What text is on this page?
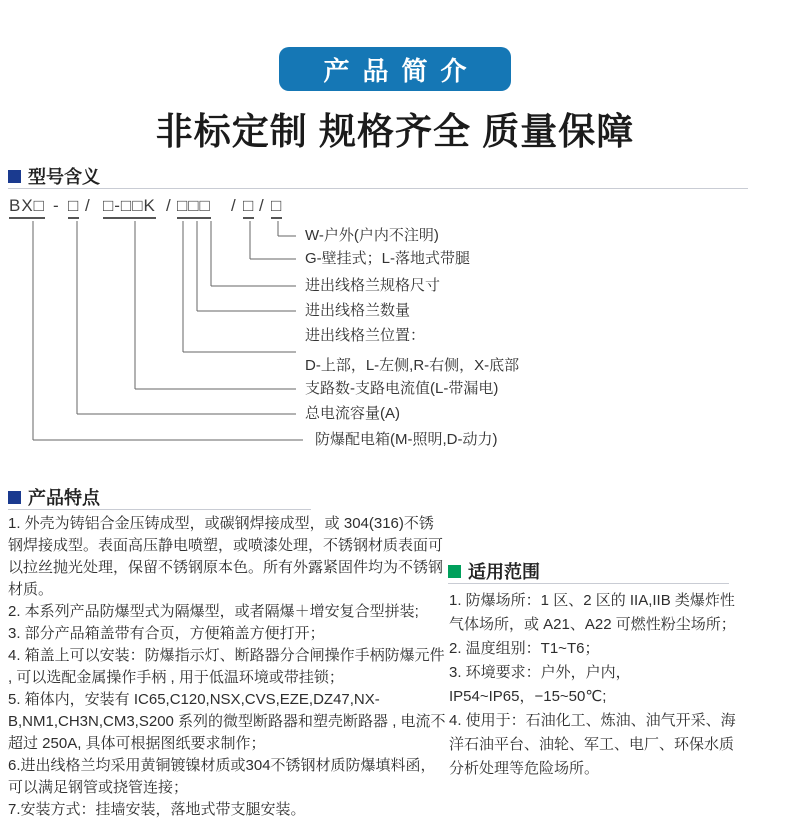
产品简介
非标定制 规格齐全 质量保障
型号含义
BX□ - □ / □-□□K / □□□ / □ / □
W-户外(户内不注明)
G-壁挂式；L-落地式带腿
进出线格兰规格尺寸
进出线格兰数量
进出线格兰位置：
D-上部，L-左侧,R-右侧，X-底部
支路数-支路电流值(L-带漏电)
总电流容量(A)
防爆配电箱(M-照明,D-动力)
产品特点

1. 外壳为铸铝合金压铸成型，或碳钢焊接成型，或 304(316)不锈钢焊接成型。表面高压静电喷塑，或喷漆处理，不锈钢材质表面可以拉丝抛光处理，保留不锈钢原本色。所有外露紧固件均为不锈钢材质。

2. 本系列产品防爆型式为隔爆型，或者隔爆＋增安复合型拼装;

3. 部分产品箱盖带有合页，方便箱盖方便打开；

4. 箱盖上可以安装：防爆指示灯、断路器分合闸操作手柄防爆元件 , 可以选配金属操作手柄 , 用于低温环境或带挂锁；

5. 箱体内，安装有 IC65,C120,NSX,CVS,EZE,DZ47,NX-B,NM1,CH3N,CM3,S200 系列的微型断路器和塑壳断路器 , 电流不超过 250A, 具体可根据图纸要求制作；

6.进出线格兰均采用黄铜镀镍材质或304不锈钢材质防爆填料函，可以满足钢管或挠管连接；

7.安装方式：挂墙安装，落地式带支腿安装。

适用范围

1. 防爆场所：1 区、2 区的 IIA,IIB 类爆炸性气体场所，或 A21、A22 可燃性粉尘场所；

2. 温度组别：T1~T6；

3. 环境要求：户外，户内，IP54~IP65，−15~50℃;

4. 使用于：石油化工、炼油、油气开采、海洋石油平台、油轮、军工、电厂、环保水质分析处理等危险场所。
